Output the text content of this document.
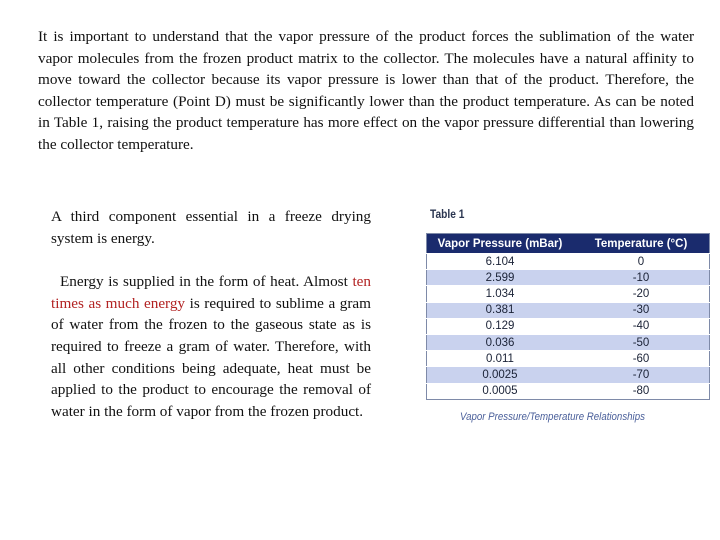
It is important to understand that the vapor pressure of the product forces the sublimation of the water vapor molecules from the frozen product matrix to the collector. The molecules have a natural affinity to move toward the collector because its vapor pressure is lower than that of the product. Therefore, the collector temperature (Point D) must be significantly lower than the product temperature. As can be noted in Table 1, raising the product temperature has more effect on the vapor pressure differential than lowering the collector temperature.

A third component essential in a freeze drying system is energy.

Energy is supplied in the form of heat. Almost ten times as much energy is required to sublime a gram of water from the frozen to the gaseous state as is required to freeze a gram of water. Therefore, with all other conditions being adequate, heat must be applied to the product to encourage the removal of water in the form of vapor from the frozen product.

Table 1
Vapor Pressure (mBar)	Temperature (°C)
6.104	0
2.599	-10
1.034	-20
0.381	-30
0.129	-40
0.036	-50
0.011	-60
0.0025	-70
0.0005	-80
Vapor Pressure/Temperature Relationships
